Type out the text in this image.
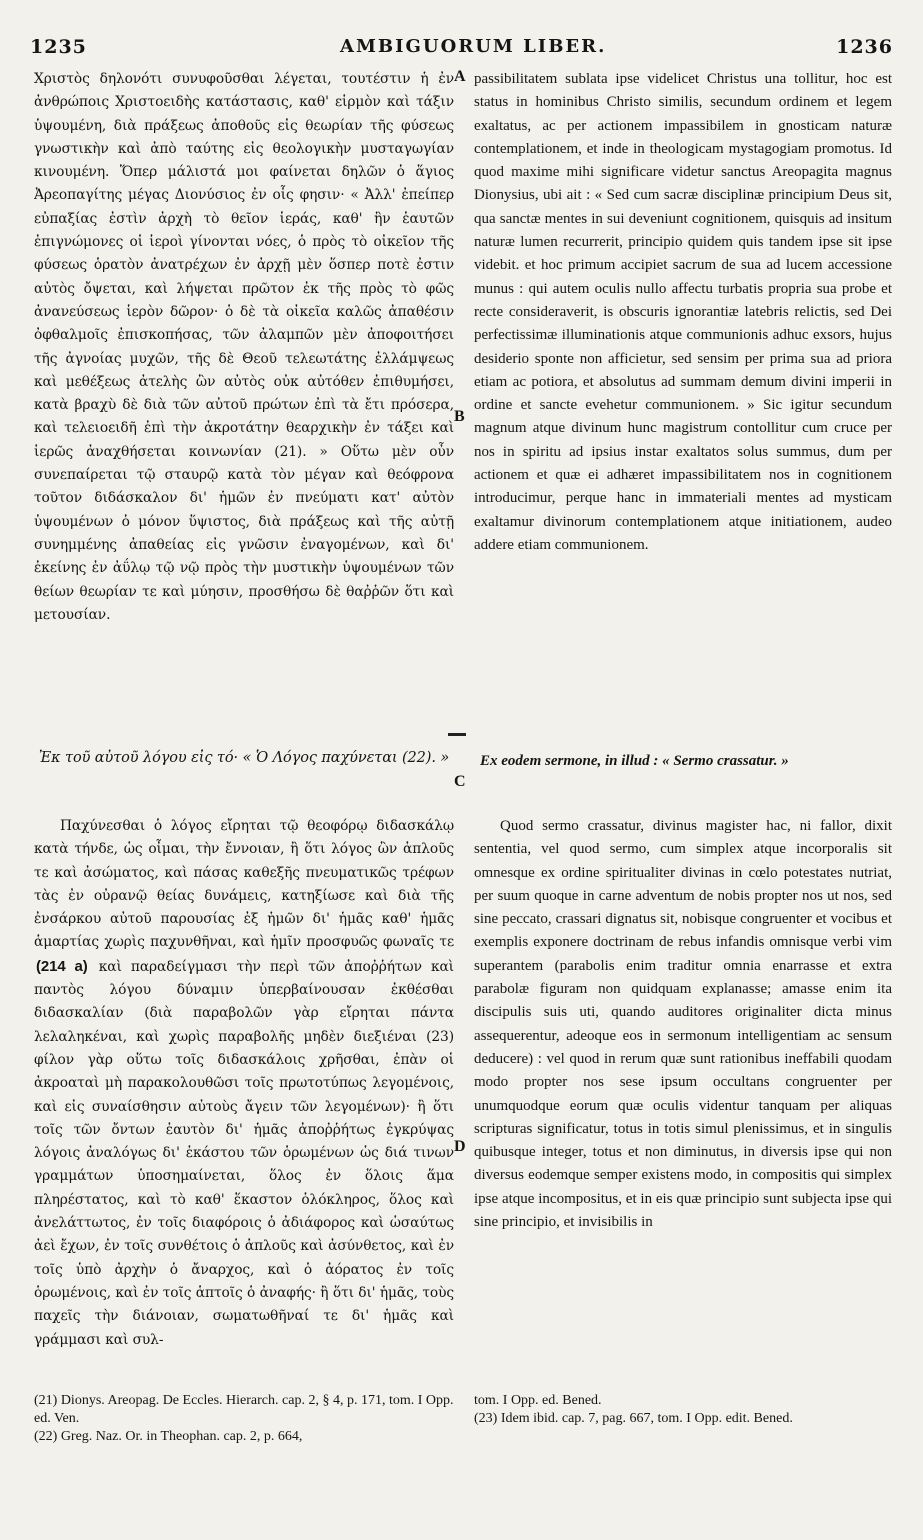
1235	AMBIGUORUM LIBER.	1236
A
B
C
D

Χριστὸς δηλονότι συνυφοῦσθαι λέγεται, τουτέστιν ἡ ἐν ἀνθρώποις Χριστοειδὴς κατάστασις, καθ' εἱρμὸν καὶ τάξιν ὑψουμένη, διὰ πράξεως ἀποθοῦς εἰς θεωρίαν τῆς φύσεως γνωστικὴν καὶ ἀπὸ ταύτης εἰς θεολογικὴν μυσταγωγίαν κινουμένη. Ὅπερ μάλιστά μοι φαίνεται δηλῶν ὁ ἅγιος Ἀρεοπαγίτης μέγας Διονύσιος ἐν οἷς φησιν· « Ἀλλ' ἐπείπερ εὐπαξίας ἐστὶν ἀρχὴ τὸ θεῖον ἱεράς, καθ' ἣν ἑαυτῶν ἐπιγνώμονες οἱ ἱεροὶ γίνονται νόες, ὁ πρὸς τὸ οἰκεῖον τῆς φύσεως ὁρατὸν ἀνατρέχων ἐν ἀρχῇ μὲν ὅσπερ ποτὲ ἐστιν αὐτὸς ὄψεται, καὶ λήψεται πρῶτον ἐκ τῆς πρὸς τὸ φῶς ἀνανεύσεως ἱερὸν δῶρον· ὁ δὲ τὰ οἰκεῖα καλῶς ἀπαθέσιν ὀφθαλμοῖς ἐπισκοπήσας, τῶν ἀλαμπῶν μὲν ἀποφοιτήσει τῆς ἀγνοίας μυχῶν, τῆς δὲ Θεοῦ τελεωτάτης ἐλλάμψεως καὶ μεθέξεως ἀτελὴς ὢν αὐτὸς οὐκ αὐτόθεν ἐπιθυμήσει, κατὰ βραχὺ δὲ διὰ τῶν αὐτοῦ πρώτων ἐπὶ τὰ ἔτι πρόσερα, καὶ τελειοειδῆ ἐπὶ τὴν ἀκροτάτην θεαρχικὴν ἐν τάξει καὶ ἱερῶς ἀναχθήσεται κοινωνίαν (21). » Οὕτω μὲν οὖν συνεπαίρεται τῷ σταυρῷ κατὰ τὸν μέγαν καὶ θεόφρονα τοῦτον διδάσκαλον δι' ἡμῶν ἐν πνεύματι κατ' αὐτὸν ὑψουμένων ὁ μόνον ὕψιστος, διὰ πράξεως καὶ τῆς αὐτῇ συνημμένης ἀπαθείας εἰς γνῶσιν ἐναγομένων, καὶ δι' ἐκείνης ἐν ἀΰλῳ τῷ νῷ πρὸς τὴν μυστικὴν ὑψουμένων τῶν θείων θεωρίαν τε καὶ μύησιν, προσθήσω δὲ θαῤῥῶν ὅτι καὶ μετουσίαν.

passibilitatem sublata ipse videlicet Christus una tollitur, hoc est status in hominibus Christo similis, secundum ordinem et legem exaltatus, ac per actionem impassibilem in gnosticam naturæ contemplationem, et inde in theologicam mystagogiam promotus. Id quod maxime mihi significare videtur sanctus Areopagita magnus Dionysius, ubi ait : « Sed cum sacræ disciplinæ principium Deus sit, qua sanctæ mentes in sui deveniunt cognitionem, quisquis ad insitum naturæ lumen recurrerit, principio quidem quis tandem ipse sit ipse videbit. et hoc primum accipiet sacrum de sua ad lucem accessione munus : qui autem oculis nullo affectu turbatis propria sua probe et recte consideraverit, is obscuris ignorantiæ latebris relictis, sed Dei perfectissimæ illuminationis atque communionis adhuc exsors, hujus desiderio sponte non afficietur, sed sensim per prima sua ad priora etiam ac potiora, et absolutus ad summam demum divini imperii in ordine et sancte evehetur communionem. » Sic igitur secundum magnum atque divinum hunc magistrum contollitur cum cruce per nos in spiritu ad ipsius instar exaltatos solus summus, dum per actionem et quæ ei adhæret impassibilitatem nos in cognitionem introducimur, perque hanc in immateriali mentes ad mysticam exaltamur divinorum contemplationem atque initiationem, audeo addere etiam communionem.

Ἐκ τοῦ αὐτοῦ λόγου εἰς τό· « Ὁ Λόγος παχύνεται (22). »	Ex eodem sermone, in illud : « Sermo crassatur. »

Παχύνεσθαι ὁ λόγος εἴρηται τῷ θεοφόρῳ διδασκάλῳ κατὰ τήνδε, ὡς οἶμαι, τὴν ἔννοιαν, ἢ ὅτι λόγος ὢν ἁπλοῦς τε καὶ ἀσώματος, καὶ πάσας καθεξῆς πνευματικῶς τρέφων τὰς ἐν οὐρανῷ θείας δυνάμεις, κατηξίωσε καὶ διὰ τῆς ἐνσάρκου αὐτοῦ παρουσίας ἐξ ἡμῶν δι' ἡμᾶς καθ' ἡμᾶς ἁμαρτίας χωρὶς παχυνθῆναι, καὶ ἡμῖν προσφυῶς φωναῖς τε (214 a) καὶ παραδείγμασι τὴν περὶ τῶν ἀποῤῥήτων καὶ παντὸς λόγου δύναμιν ὑπερβαίνουσαν ἐκθέσθαι διδασκαλίαν (διὰ παραβολῶν γὰρ εἴρηται πάντα λελαληκέναι, καὶ χωρὶς παραβολῆς μηδὲν διεξιέναι (23) φίλον γὰρ οὕτω τοῖς διδασκάλοις χρῆσθαι, ἐπὰν οἱ ἀκροαταὶ μὴ παρακολουθῶσι τοῖς πρωτοτύπως λεγομένοις, καὶ εἰς συναίσθησιν αὐτοὺς ἄγειν τῶν λεγομένων)· ἢ ὅτι τοῖς τῶν ὄντων ἑαυτὸν δι' ἡμᾶς ἀποῤῥήτως ἐγκρύψας λόγοις ἀναλόγως δι' ἑκάστου τῶν ὁρωμένων ὡς διά τινων γραμμάτων ὑποσημαίνεται, ὅλος ἐν ὅλοις ἅμα πληρέστατος, καὶ τὸ καθ' ἕκαστον ὁλόκληρος, ὅλος καὶ ἀνελάττωτος, ἐν τοῖς διαφόροις ὁ ἀδιάφορος καὶ ὡσαύτως ἀεὶ ἔχων, ἐν τοῖς συνθέτοις ὁ ἁπλοῦς καὶ ἀσύνθετος, καὶ ἐν τοῖς ὑπὸ ἀρχὴν ὁ ἄναρχος, καὶ ὁ ἀόρατος ἐν τοῖς ὁρωμένοις, καὶ ἐν τοῖς ἁπτοῖς ὁ ἀναφής· ἢ ὅτι δι' ἡμᾶς, τοὺς παχεῖς τὴν διάνοιαν, σωματωθῆναί τε δι' ἡμᾶς καὶ γράμμασι καὶ συλ-

Quod sermo crassatur, divinus magister hac, ni fallor, dixit sententia, vel quod sermo, cum simplex atque incorporalis sit omnesque ex ordine spiritualiter divinas in cœlo potestates nutriat, per suum quoque in carne adventum de nobis propter nos ut nos, sed sine peccato, crassari dignatus sit, nobisque congruenter et vocibus et exemplis exponere doctrinam de rebus infandis omnisque verbi vim superantem (parabolis enim traditur omnia enarrasse et extra parabolæ figuram non quidquam explanasse; amasse enim ita discipulis suis uti, quando auditores originaliter dicta minus assequerentur, adeoque eos in sermonum intelligentiam ac sensum deducere) : vel quod in rerum quæ sunt rationibus ineffabili quodam modo propter nos sese ipsum occultans congruenter per unumquodque eorum quæ oculis videntur tanquam per aliquas scripturas significatur, totus in totis simul plenissimus, et in singulis quibusque integer, totus et non diminutus, in diversis ipse qui non diversus eodemque semper existens modo, in compositis qui simplex ipse atque incompositus, et in eis quæ principio sunt subjecta ipse qui sine principio, et invisibilis in

(21) Dionys. Areopag. De Eccles. Hierarch. cap. 2, § 4, p. 171, tom. I Opp. ed. Ven.

(22) Greg. Naz. Or. in Theophan. cap. 2, p. 664,

tom. I Opp. ed. Bened.

(23) Idem ibid. cap. 7, pag. 667, tom. I Opp. edit. Bened.
